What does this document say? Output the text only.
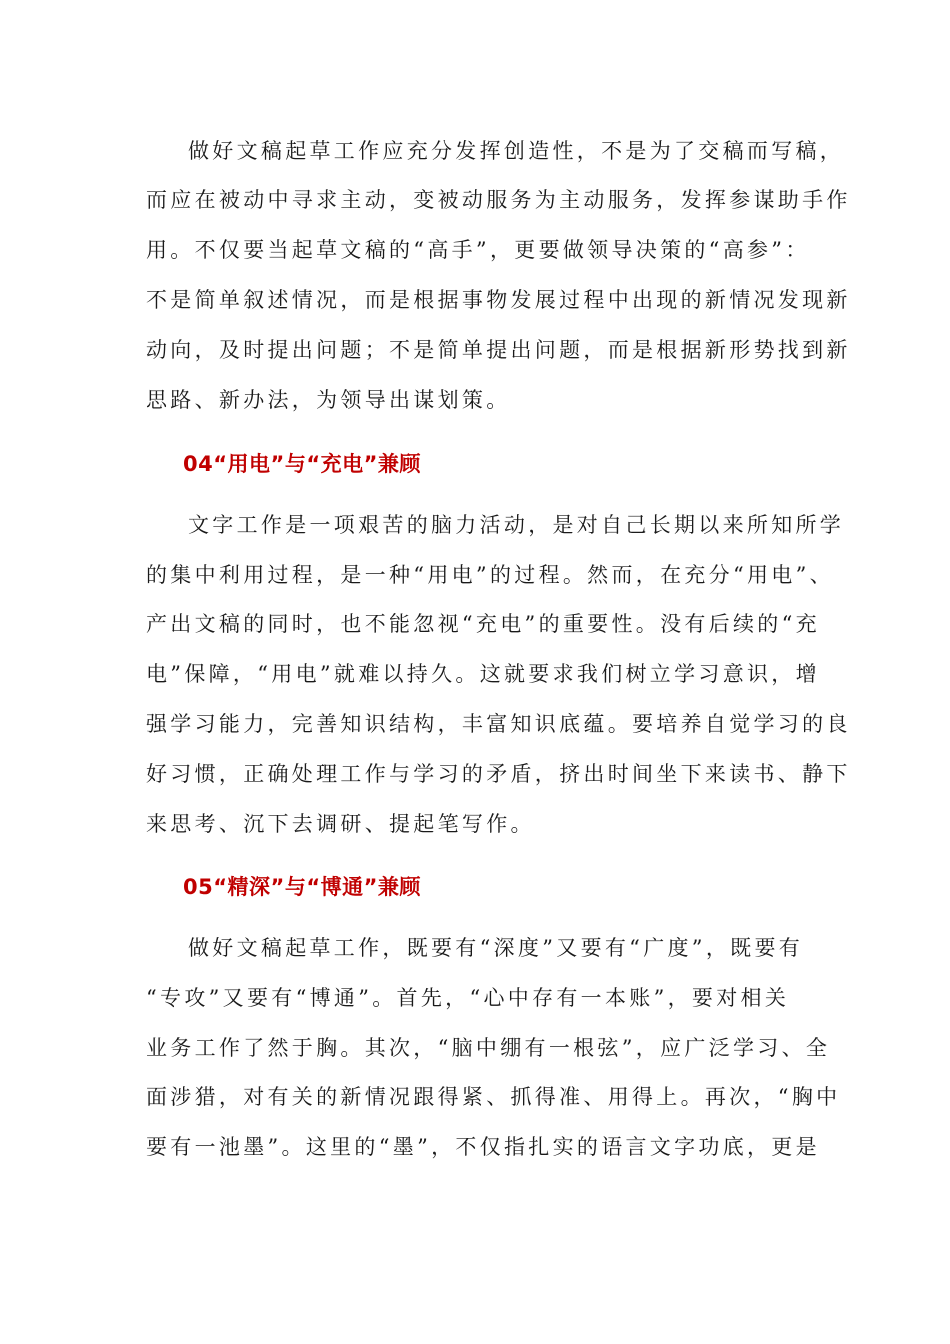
做好文稿起草工作应充分发挥创造性，不是为了交稿而写稿，
而应在被动中寻求主动，变被动服务为主动服务，发挥参谋助手作
用。不仅要当起草文稿的“高手”，更要做领导决策的“高参”：
不是简单叙述情况，而是根据事物发展过程中出现的新情况发现新
动向，及时提出问题；不是简单提出问题，而是根据新形势找到新
思路、新办法，为领导出谋划策。
04“用电”与“充电”兼顾
文字工作是一项艰苦的脑力活动，是对自己长期以来所知所学
的集中利用过程，是一种“用电”的过程。然而，在充分“用电”、
产出文稿的同时，也不能忽视“充电”的重要性。没有后续的“充
电”保障，“用电”就难以持久。这就要求我们树立学习意识，增
强学习能力，完善知识结构，丰富知识底蕴。要培养自觉学习的良
好习惯，正确处理工作与学习的矛盾，挤出时间坐下来读书、静下
来思考、沉下去调研、提起笔写作。
05“精深”与“博通”兼顾
做好文稿起草工作，既要有“深度”又要有“广度”，既要有
“专攻”又要有“博通”。首先，“心中存有一本账”，要对相关
业务工作了然于胸。其次，“脑中绷有一根弦”，应广泛学习、全
面涉猎，对有关的新情况跟得紧、抓得准、用得上。再次，“胸中
要有一池墨”。这里的“墨”，不仅指扎实的语言文字功底，更是
